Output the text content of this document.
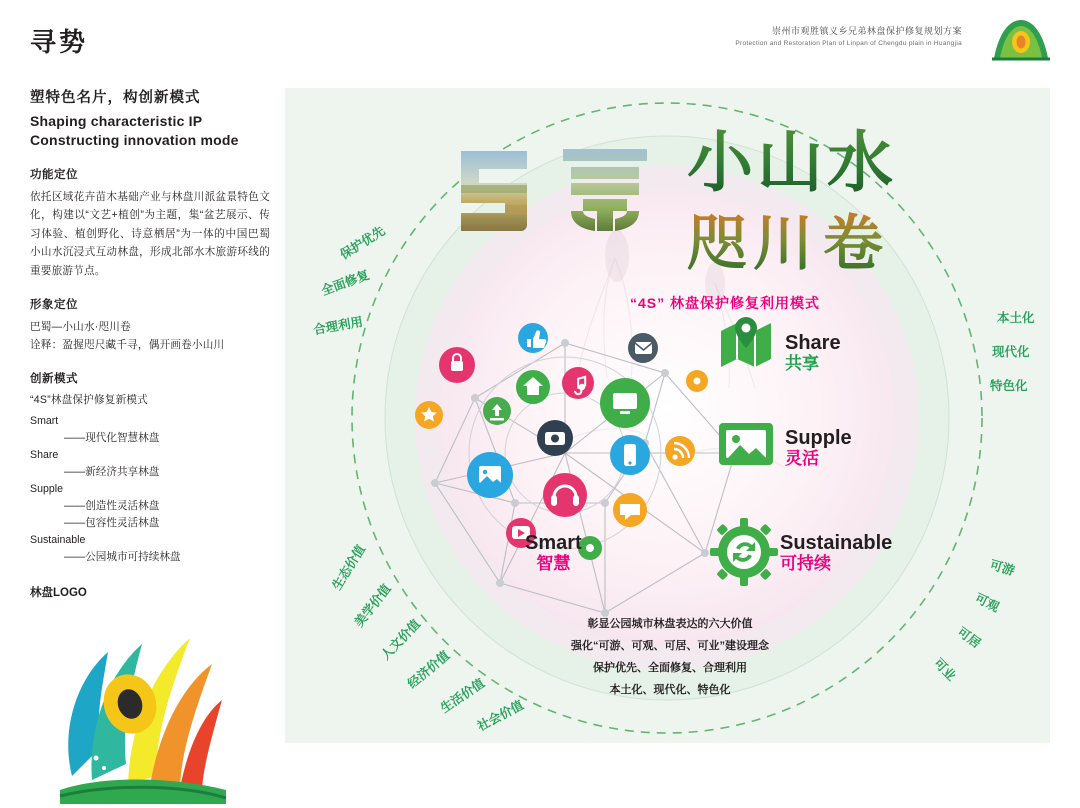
寻势	崇州市观胜镇义乡兄弟林盘保护修复规划方案
Protection and Restoration Plan of Linpan of Chengdu plain in Huangjia
塑特色名片，构创新模式
Shaping characteristic IP
Constructing innovation mode
功能定位
依托区域花卉苗木基础产业与林盘川派盆景特色文化，构建以“文艺+植创”为主题，集“盆艺展示、传习体验、植创野化、诗意栖居”为一体的中国巴蜀小山水沉浸式互动林盘，形成北部水木旅游环线的重要旅游节点。
形象定位
巴蜀—小山水·咫川卷
诠释：盈握咫尺藏千寻，偶开画卷小山川
创新模式
“4S”林盘保护修复新模式
Smart
——现代化智慧林盘
Share
——新经济共享林盘
Supple
——创造性灵活林盘
——包容性灵活林盘
Sustainable
——公园城市可持续林盘
林盘LOGO
小 山 水
咫 川 卷
“4S” 林盘保护修复利用模式
Share
共享
Supple
灵活
Sustainable
可持续
Smart
智慧
彰显公园城市林盘表达的六大价值
强化“可游、可观、可居、可业”建设理念
保护优先、全面修复、合理利用
本土化、现代化、特色化
保护优先
全面修复
合理利用	本土化
现代化
特色化
可游
可观
可居
可业
生态价值
美学价值
人文价值
经济价值
生活价值
社会价值
